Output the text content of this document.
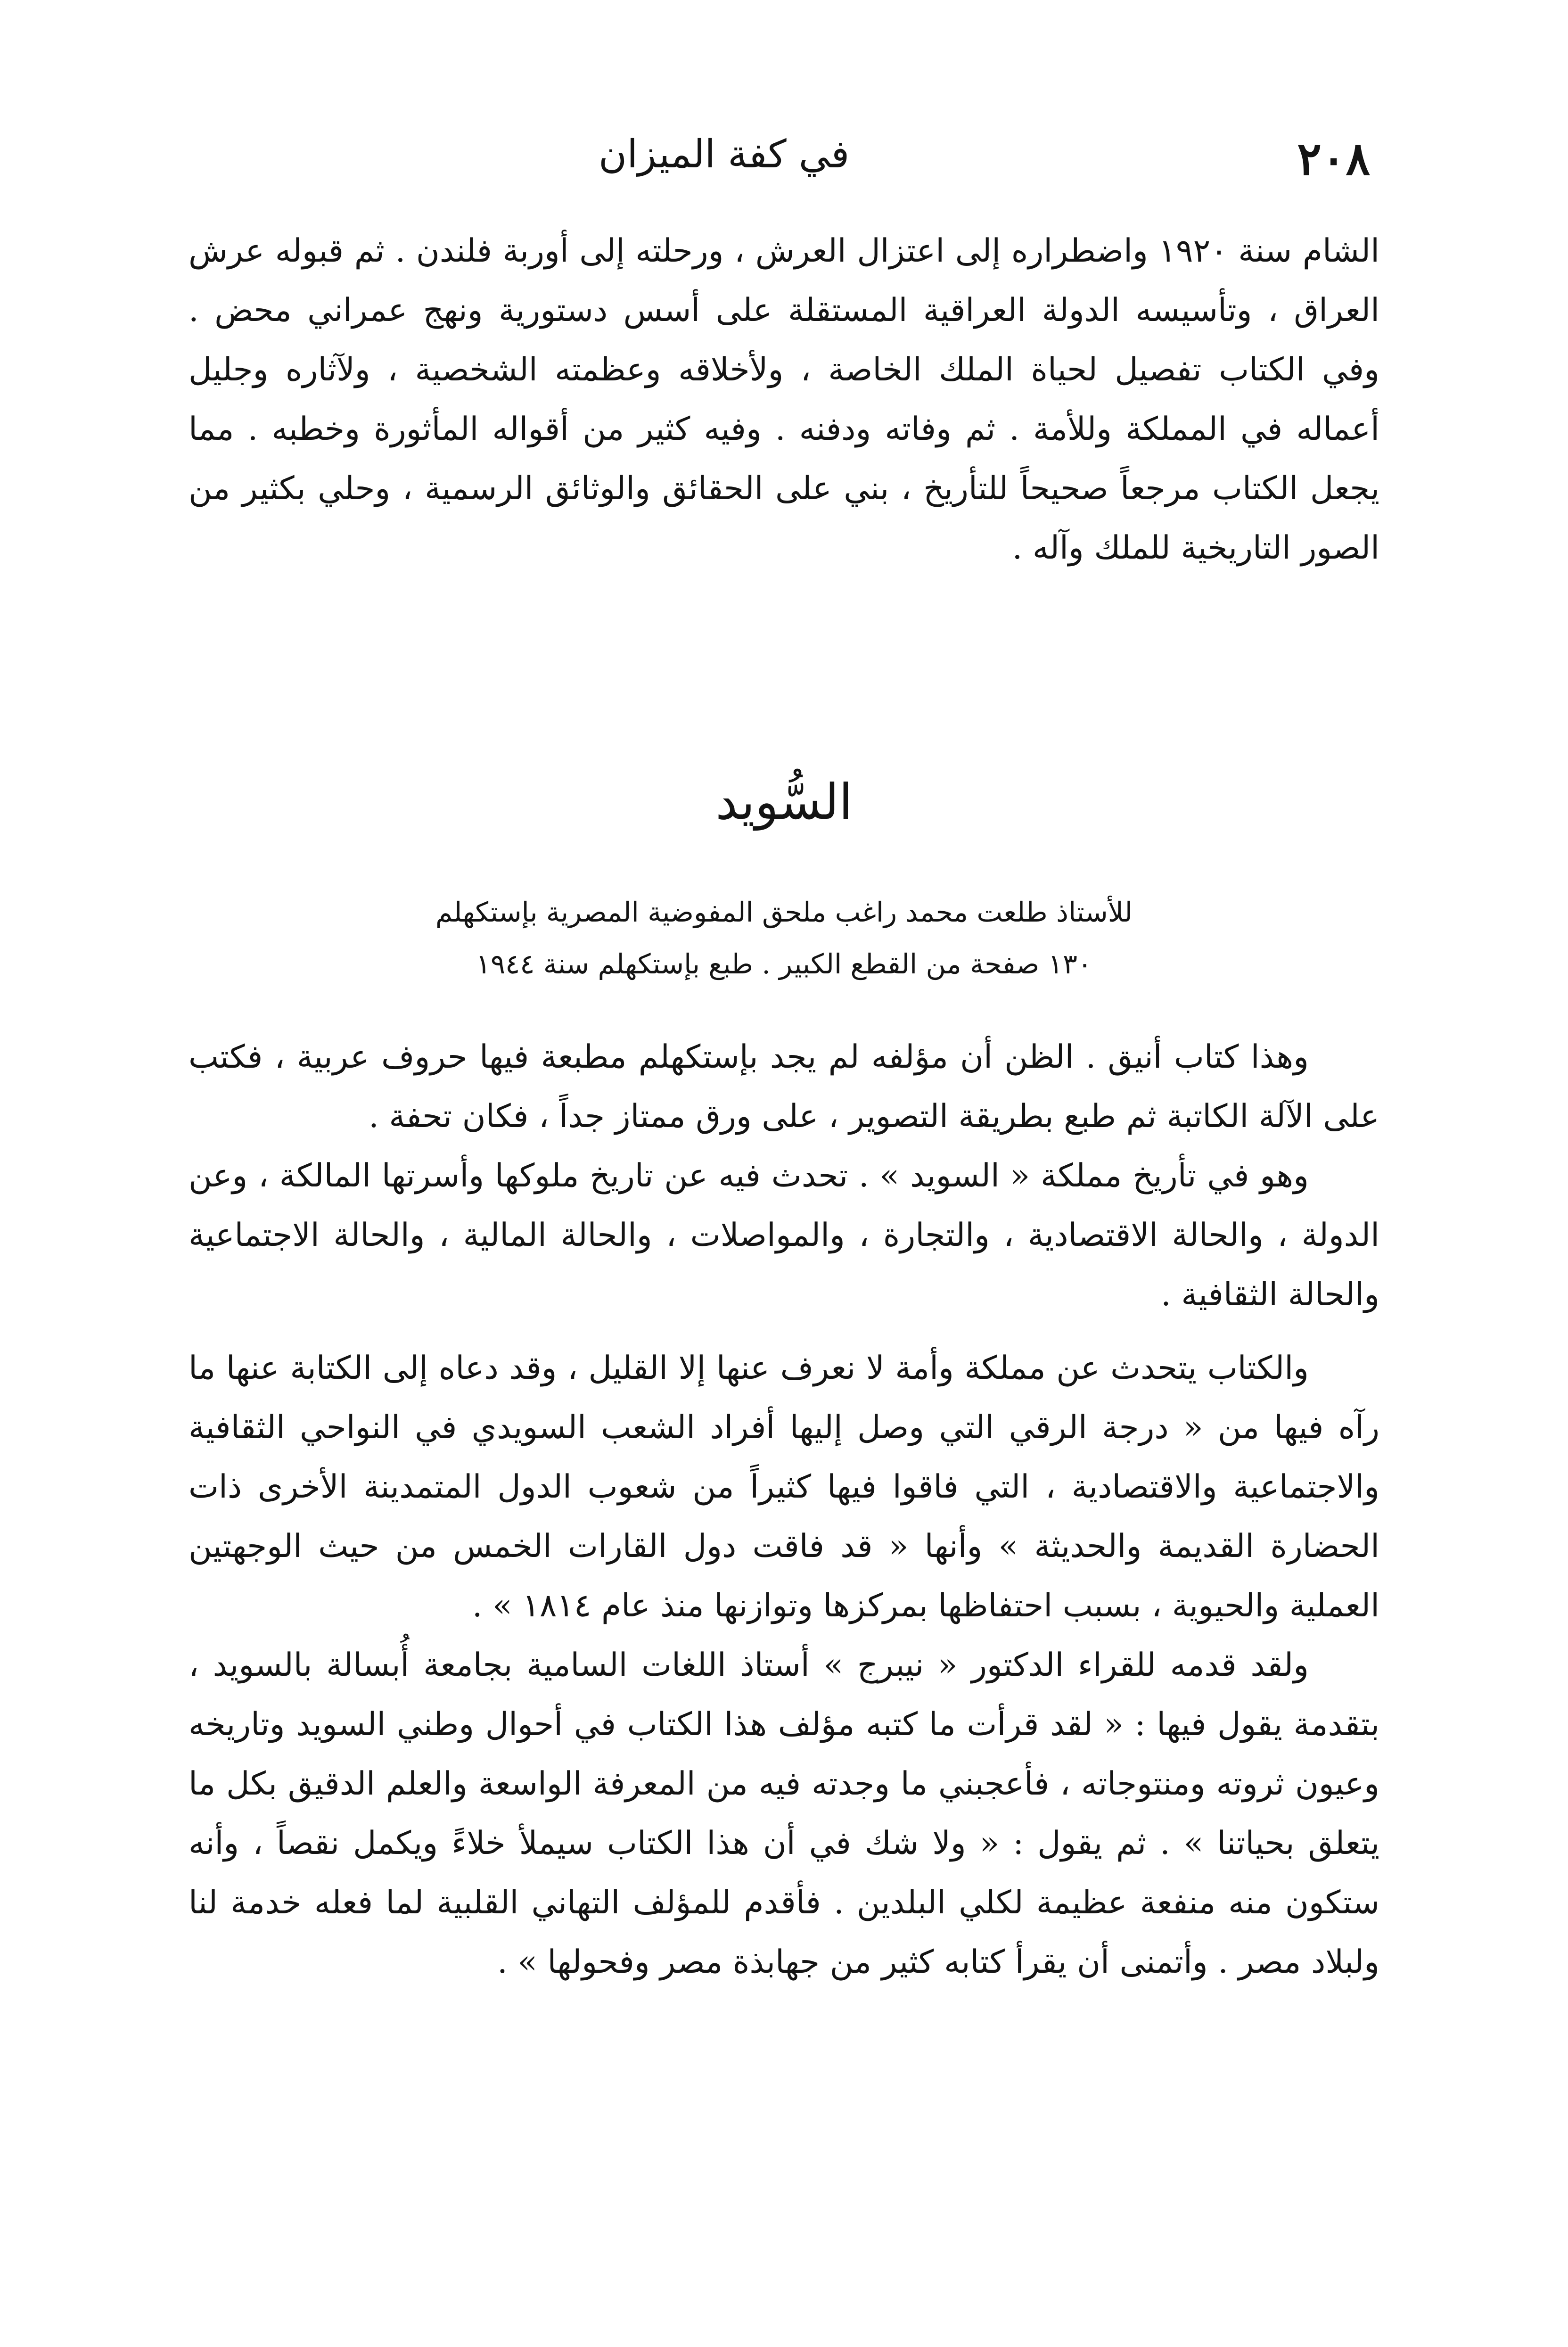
٢٠٨
في كفة الميزان

الشام سنة ١٩٢٠ واضطراره إلى اعتزال العرش ، ورحلته إلى أوربة فلندن . ثم قبوله عرش العراق ، وتأسيسه الدولة العراقية المستقلة على أسس دستورية ونهج عمراني محض . وفي الكتاب تفصيل لحياة الملك الخاصة ، ولأخلاقه وعظمته الشخصية ، ولآثاره وجليل أعماله في المملكة وللأمة . ثم وفاته ودفنه . وفيه كثير من أقواله المأثورة وخطبه . مما يجعل الكتاب مرجعاً صحيحاً للتأريخ ، بني على الحقائق والوثائق الرسمية ، وحلي بكثير من الصور التاريخية للملك وآله .

السُّويد
للأستاذ طلعت محمد راغب ملحق المفوضية المصرية بإستكهلم
١٣٠ صفحة من القطع الكبير . طبع بإستكهلم سنة ١٩٤٤

وهذا كتاب أنيق . الظن أن مؤلفه لم يجد بإستكهلم مطبعة فيها حروف عربية ، فكتب على الآلة الكاتبة ثم طبع بطريقة التصوير ، على ورق ممتاز جداً ، فكان تحفة .

وهو في تأريخ مملكة « السويد » . تحدث فيه عن تاريخ ملوكها وأسرتها المالكة ، وعن الدولة ، والحالة الاقتصادية ، والتجارة ، والمواصلات ، والحالة المالية ، والحالة الاجتماعية والحالة الثقافية .

والكتاب يتحدث عن مملكة وأمة لا نعرف عنها إلا القليل ، وقد دعاه إلى الكتابة عنها ما رآه فيها من « درجة الرقي التي وصل إليها أفراد الشعب السويدي في النواحي الثقافية والاجتماعية والاقتصادية ، التي فاقوا فيها كثيراً من شعوب الدول المتمدينة الأخرى ذات الحضارة القديمة والحديثة » وأنها « قد فاقت دول القارات الخمس من حيث الوجهتين العملية والحيوية ، بسبب احتفاظها بمركزها وتوازنها منذ عام ١٨١٤ » .

ولقد قدمه للقراء الدكتور « نيبرج » أستاذ اللغات السامية بجامعة أُبسالة بالسويد ، بتقدمة يقول فيها : « لقد قرأت ما كتبه مؤلف هذا الكتاب في أحوال وطني السويد وتاريخه وعيون ثروته ومنتوجاته ، فأعجبني ما وجدته فيه من المعرفة الواسعة والعلم الدقيق بكل ما يتعلق بحياتنا » . ثم يقول : « ولا شك في أن هذا الكتاب سيملأ خلاءً ويكمل نقصاً ، وأنه ستكون منه منفعة عظيمة لكلي البلدين . فأقدم للمؤلف التهاني القلبية لما فعله خدمة لنا ولبلاد مصر . وأتمنى أن يقرأ كتابه كثير من جهابذة مصر وفحولها » .
